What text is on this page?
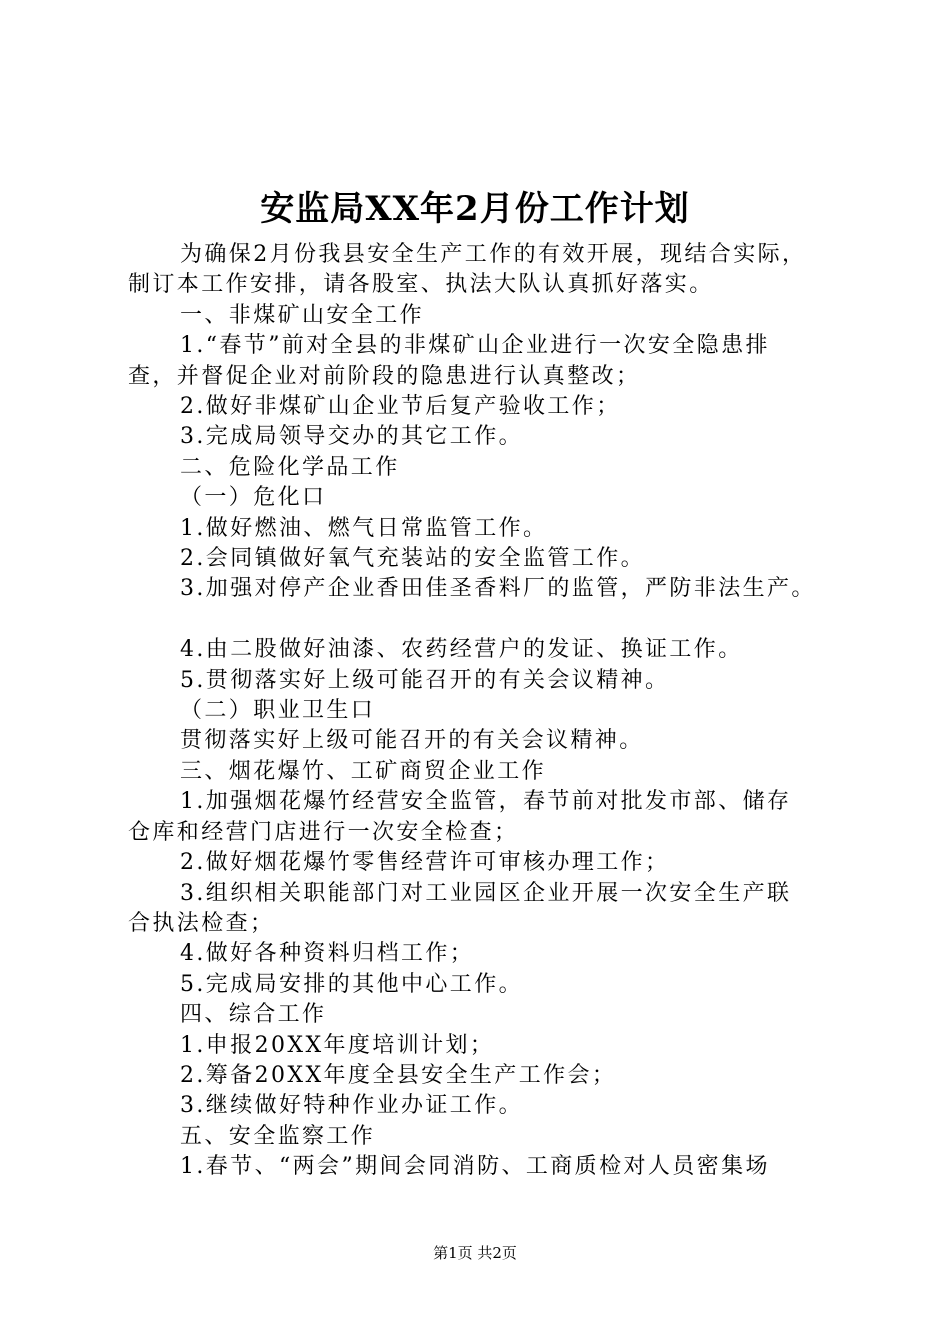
安监局XX年2月份工作计划

为确保2月份我县安全生产工作的有效开展，现结合实际，

制订本工作安排，请各股室、执法大队认真抓好落实。

一、非煤矿山安全工作

1.“春节”前对全县的非煤矿山企业进行一次安全隐患排

查，并督促企业对前阶段的隐患进行认真整改；

2.做好非煤矿山企业节后复产验收工作；

3.完成局领导交办的其它工作。

二、危险化学品工作

（一）危化口

1.做好燃油、燃气日常监管工作。

2.会同镇做好氧气充装站的安全监管工作。

3.加强对停产企业香田佳圣香料厂的监管，严防非法生产。

4.由二股做好油漆、农药经营户的发证、换证工作。

5.贯彻落实好上级可能召开的有关会议精神。

（二）职业卫生口

贯彻落实好上级可能召开的有关会议精神。

三、烟花爆竹、工矿商贸企业工作

1.加强烟花爆竹经营安全监管，春节前对批发市部、储存

仓库和经营门店进行一次安全检查；

2.做好烟花爆竹零售经营许可审核办理工作；

3.组织相关职能部门对工业园区企业开展一次安全生产联

合执法检查；

4.做好各种资料归档工作；

5.完成局安排的其他中心工作。

四、综合工作

1.申报20XX年度培训计划；

2.筹备20XX年度全县安全生产工作会；

3.继续做好特种作业办证工作。

五、安全监察工作

1.春节、“两会”期间会同消防、工商质检对人员密集场

第1页 共2页
